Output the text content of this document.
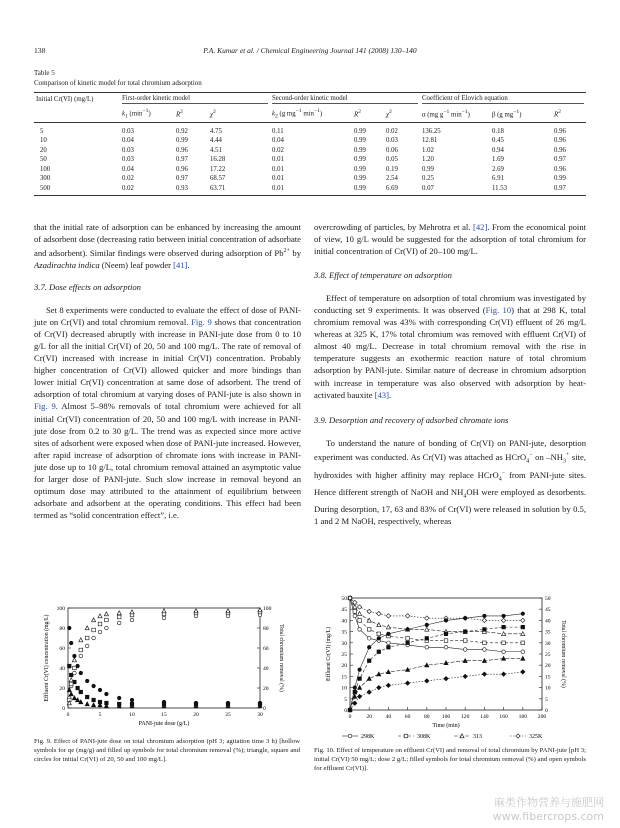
138	P.A. Kumar et al. / Chemical Engineering Journal 141 (2008) 130–140
Table 5
Comparison of kinetic model for total chromium adsorption
Initial Cr(VI) (mg/L)	First-order kinetic model			Second-order kinetic model			Coefficient of Elovich equation		

	$k_1$ $(\min^{-1})$	$R^2$	$\chi^2$	$k_2$ (g $mg^{-1}$ $\min^{-1}$)	$R^2$	$\chi^2$	α (mg $g^{-1}$ $\min^{-1}$)	β (g $mg^{-1}$)	$R^2$
5	0.03	0.92	4.75	0.11	0.99	0.02	136.25	0.18	0.96
10	0.04	0.99	4.44	0.04	0.99	0.03	12.81	0.45	0.96
20	0.03	0.96	4.51	0.02	0.99	0.06	1.02	0.94	0.96
50	0.03	0.97	16.28	0.01	0.99	0.05	1.20	1.69	0.97
100	0.04	0.96	17.22	0.01	0.99	0.19	0.99	2.69	0.96
300	0.02	0.97	68.57	0.01	0.99	2.54	0.25	6.91	0.99
500	0.02	0.93	63.71	0.01	0.99	6.69	0.07	11.53	0.97

that the initial rate of adsorption can be enhanced by increasing the amount of adsorbent dose (decreasing ratio between initial concentration of adsorbate and adsorbent). Similar findings were observed during adsorption of $Pb^{2+}$ by Azadirachta indica (Neem) leaf powder [41].

3.7. Dose effects on adsorption

Set 8 experiments were conducted to evaluate the effect of dose of PANI-jute on Cr(VI) and total chromium removal. Fig. 9 shows that concentration of Cr(VI) decreased abruptly with increase in PANI-jute dose from 0 to 10 g/L for all the initial Cr(VI) of 20, 50 and 100 mg/L. The rate of removal of Cr(VI) increased with increase in initial Cr(VI) concentration. Probably higher concentration of Cr(VI) allowed quicker and more bindings than lower initial Cr(VI) concentration at same dose of adsorbent. The trend of adsorption of total chromium at varying doses of PANI-jute is also shown in Fig. 9. Almost 5–98% removals of total chromium were achieved for all initial Cr(VI) concentration of 20, 50 and 100 mg/L with increase in PANI-jute dose from 0.2 to 30 g/L. The trend was as expected since more active sites of adsorbent were exposed when dose of PANI-jute increased. However, after rapid increase of adsorption of chromate ions with increase in PANI-jute dose up to 10 g/L, total chromium removal attained an asymptotic value for larger dose of PANI-jute. Such slow increase in removal beyond an optimum dose may attributed to the attainment of equilibrium between adsorbate and adsorbent at the operating conditions. This effect had been termed as “solid concentration effect”, i.e.

overcrowding of particles, by Mehrotra et al. [42]. From the economical point of view, 10 g/L would be suggested for the adsorption of total chromium for initial concentration of Cr(VI) of 20–100 mg/L.

3.8. Effect of temperature on adsorption

Effect of temperature on adsorption of total chromium was investigated by conducting set 9 experiments. It was observed (Fig. 10) that at 298 K, total chromium removal was 43% with corresponding Cr(VI) effluent of 26 mg/L whereas at 325 K, 17% total chromium was removed with effluent Cr(VI) of almost 40 mg/L. Decrease in total chromium removal with the rise in temperature suggests an exothermic reaction nature of total chromium adsorption by PANI-jute. Similar nature of decrease in chromium adsorption with increase in temperature was also observed with adsorption by heat-activated bauxite [43].

3.9. Desorption and recovery of adsorbed chromate ions

To understand the nature of bonding of Cr(VI) on PANI-jute, desorption experiment was conducted. As Cr(VI) was attached as HCrO$_4$− on $-NH_3^+$ site, hydroxides with higher affinity may replace HCrO$_4$− from PANI-jute sites. Hence different strength of NaOH and $NH_4OH$ were employed as desorbents. During desorption, 17, 63 and 83% of Cr(VI) were released in solution by 0.5, 1 and 2 M NaOH, respectively, whereas

0	0
20	20
40	40
60	60
80	80
100	100
0	5	10	15	20	25	30
PANI-jute dose (g/L)
Effluent Cr(VI) concentration (mg/L)	Total chromium removal (%)
Fig. 9. Effect of PANI-jute dose on total chromium adsorption (pH 3; agitation time 3 h) [hollow symbols for qe (mg/g) and filled up symbols for total chromium removal (%); triangle, square and circles for initial Cr(VI) of 20, 50 and 100 mg/L].
0	0
5	5
10	10
15	15
20	20
25	25
30	30
35	35
40	40
45	45
50	50
0	20 40 60 80 100 120 140 160 180 200
Time (min)
Effluent Cr(VI) (mg/L)	Total chromium removal (%)
298K	308K	313	325K
Fig. 10. Effect of temperature on effluent Cr(VI) and removal of total chromium by PANI-jute [pH 3; initial Cr(VI) 50 mg/L; dose 2 g/L; filled symbols for total chromium removal (%) and open symbols for effluent Cr(VI)].
麻类作物营养与施肥网
www.fibercrops.com
